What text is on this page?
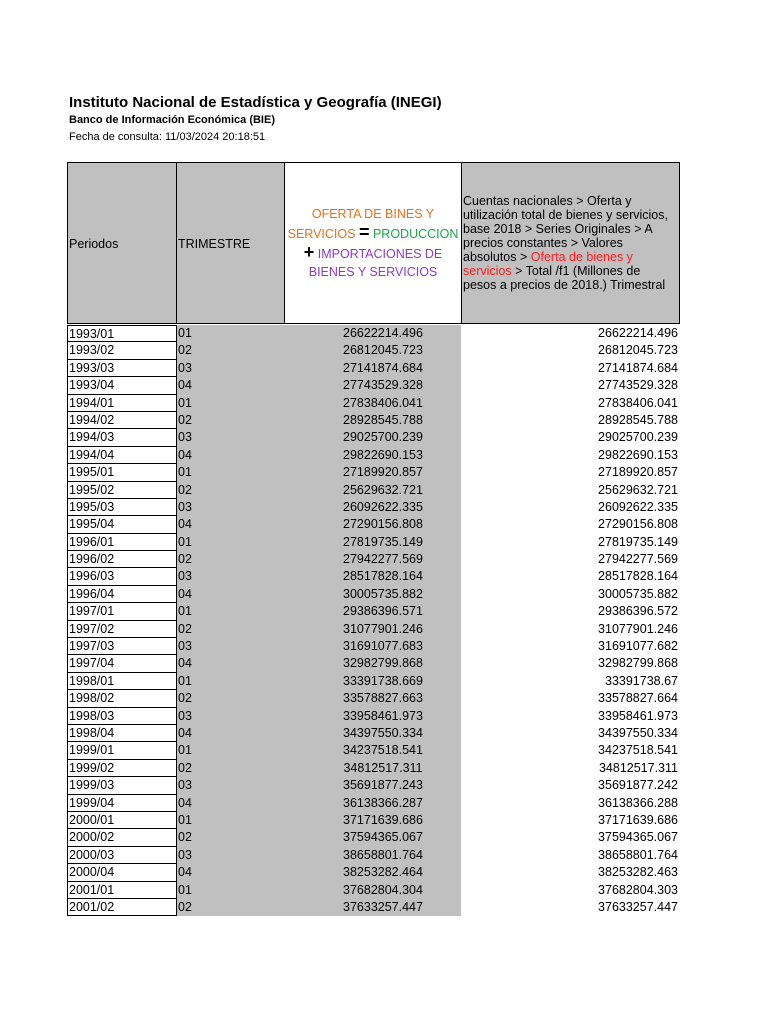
Instituto Nacional de Estadística y Geografía (INEGI)
Banco de Información Económica (BIE)
Fecha de consulta: 11/03/2024 20:18:51
Periodos	TRIMESTRE
OFERTA DE BINES Y SERVICIOS = PRODUCCION
+ IMPORTACIONES DE BIENES Y SERVICIOS
Cuentas nacionales > Oferta y utilización total de bienes y servicios, base 2018 > Series Originales > A precios constantes > Valores absolutos > Oferta de bienes y servicios > Total /f1 (Millones de pesos a precios de 2018.) Trimestral
1993/01	01	26622214.496	26622214.496
1993/02	02	26812045.723	26812045.723
1993/03	03	27141874.684	27141874.684
1993/04	04	27743529.328	27743529.328
1994/01	01	27838406.041	27838406.041
1994/02	02	28928545.788	28928545.788
1994/03	03	29025700.239	29025700.239
1994/04	04	29822690.153	29822690.153
1995/01	01	27189920.857	27189920.857
1995/02	02	25629632.721	25629632.721
1995/03	03	26092622.335	26092622.335
1995/04	04	27290156.808	27290156.808
1996/01	01	27819735.149	27819735.149
1996/02	02	27942277.569	27942277.569
1996/03	03	28517828.164	28517828.164
1996/04	04	30005735.882	30005735.882
1997/01	01	29386396.571	29386396.572
1997/02	02	31077901.246	31077901.246
1997/03	03	31691077.683	31691077.682
1997/04	04	32982799.868	32982799.868
1998/01	01	33391738.669	33391738.67
1998/02	02	33578827.663	33578827.664
1998/03	03	33958461.973	33958461.973
1998/04	04	34397550.334	34397550.334
1999/01	01	34237518.541	34237518.541
1999/02	02	34812517.311	34812517.311
1999/03	03	35691877.243	35691877.242
1999/04	04	36138366.287	36138366.288
2000/01	01	37171639.686	37171639.686
2000/02	02	37594365.067	37594365.067
2000/03	03	38658801.764	38658801.764
2000/04	04	38253282.464	38253282.463
2001/01	01	37682804.304	37682804.303
2001/02	02	37633257.447	37633257.447
